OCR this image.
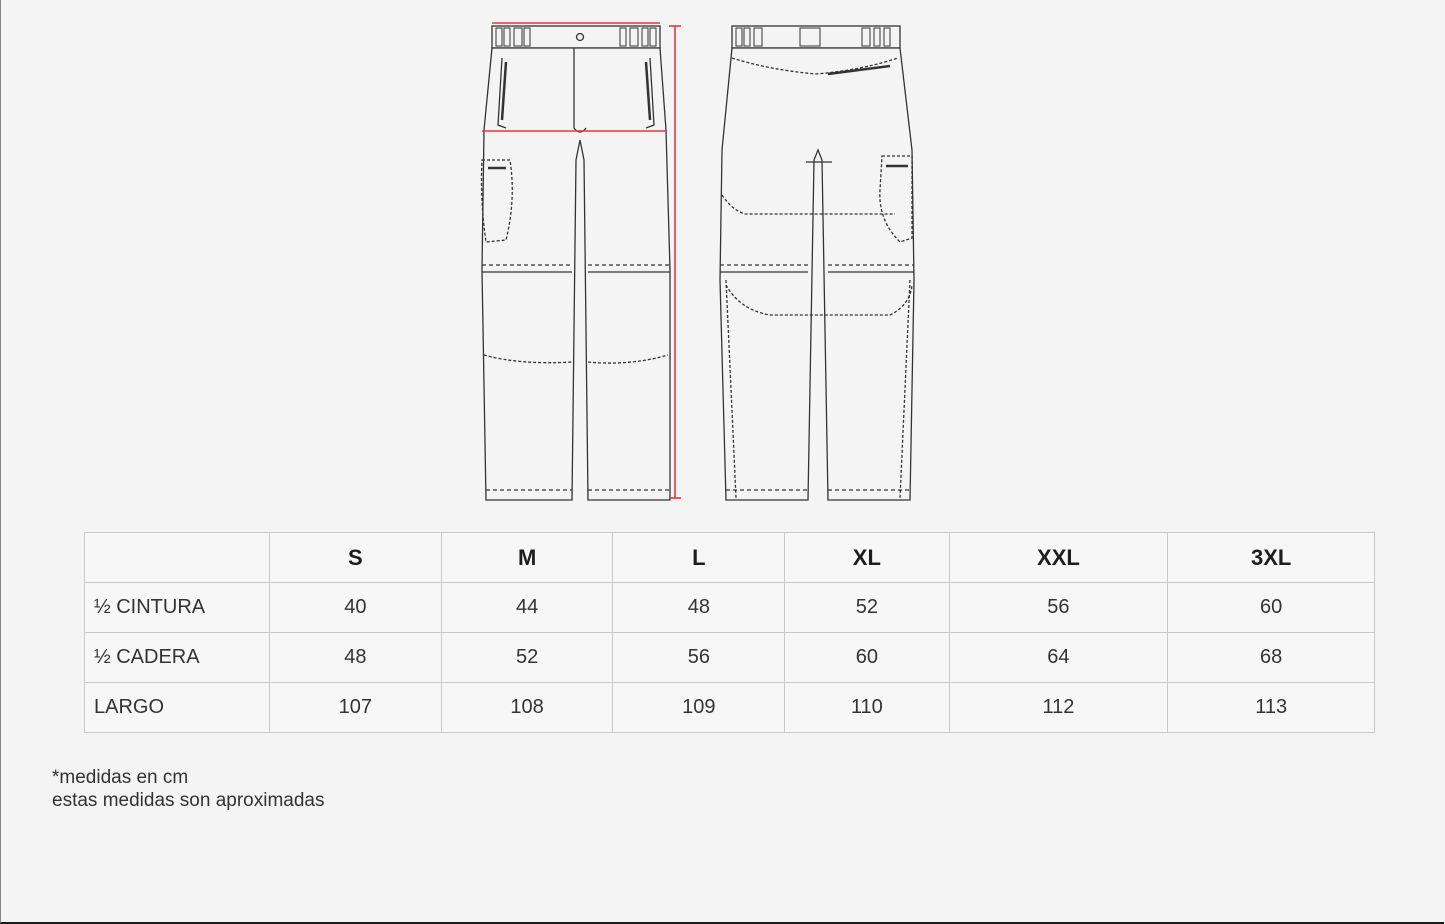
	S	M	L	XL	XXL	3XL
½ CINTURA	40	44	48	52	56	60
½ CADERA	48	52	56	60	64	68
LARGO	107	108	109	110	112	113
*medidas en cm
estas medidas son aproximadas
